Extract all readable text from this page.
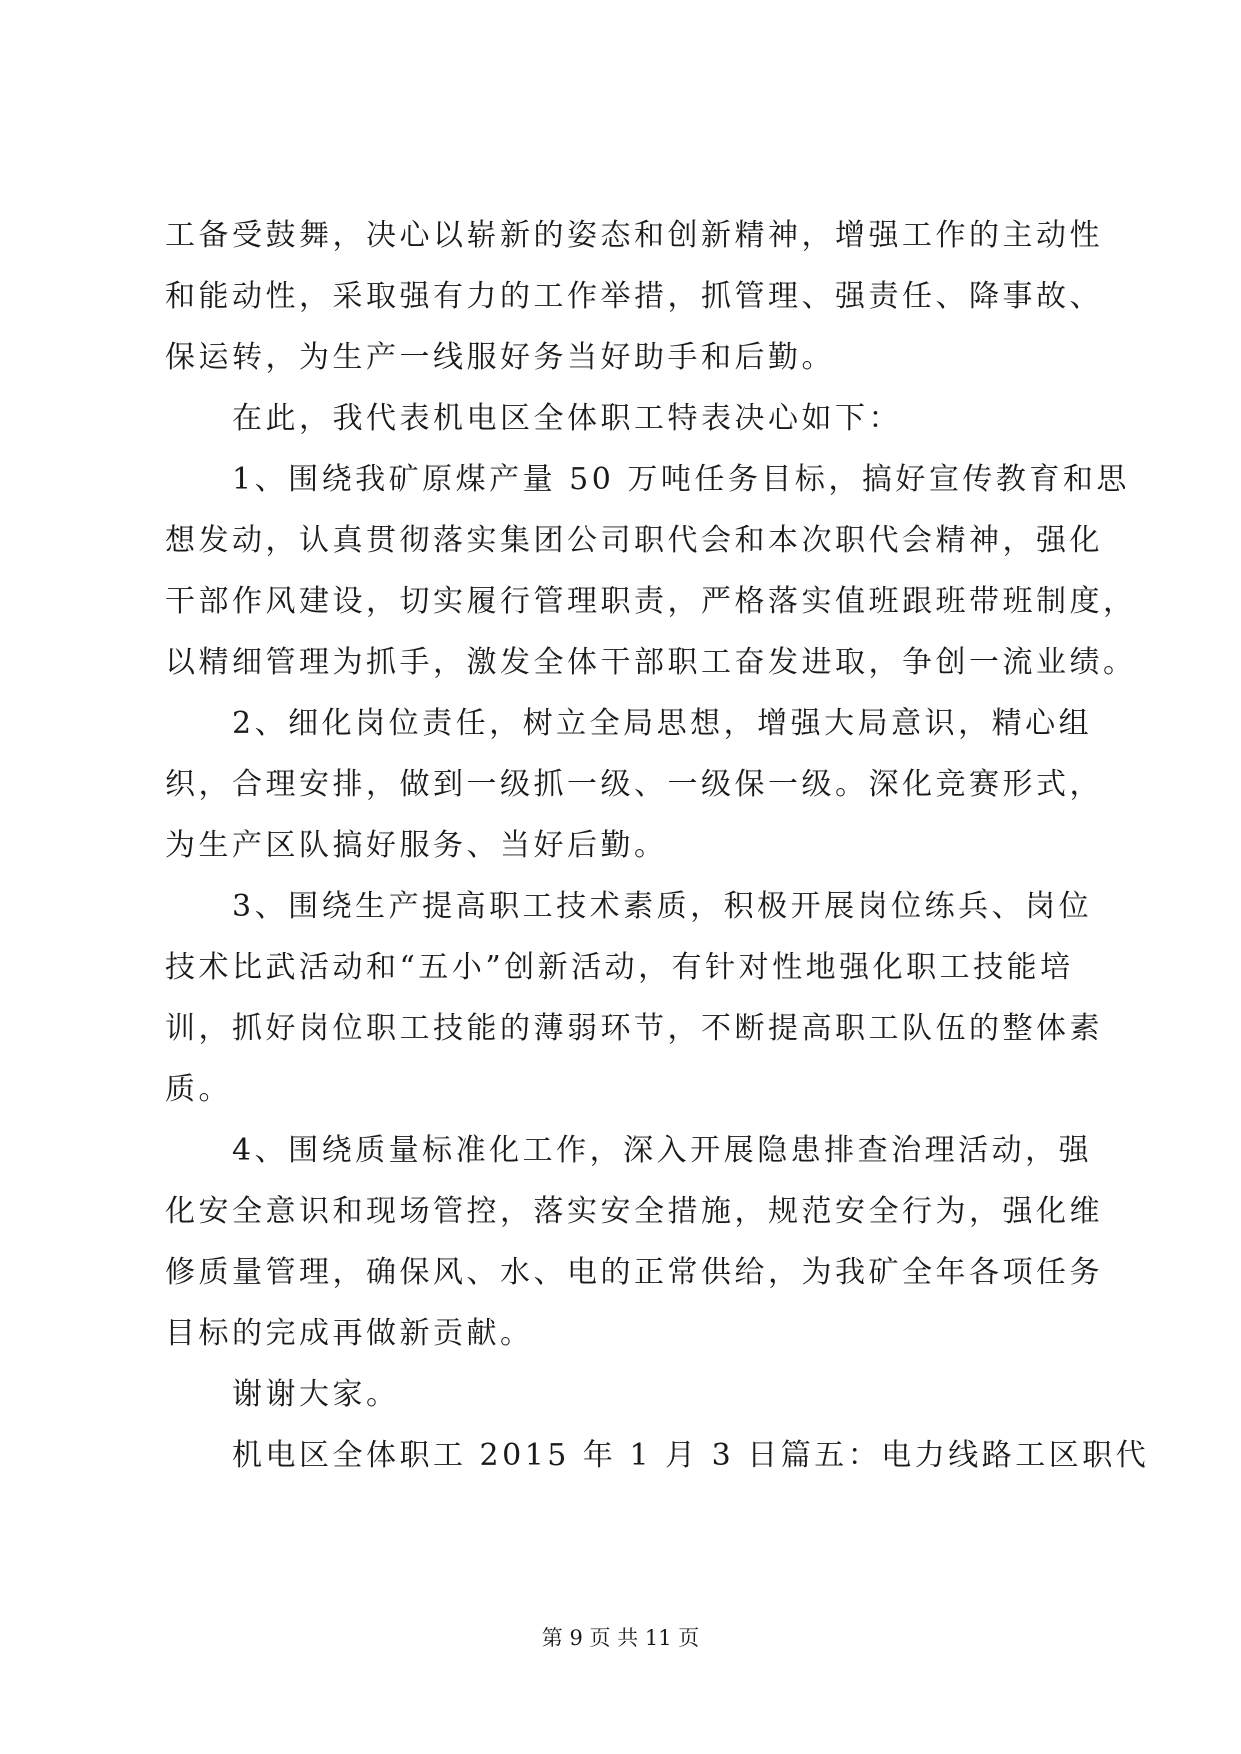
工备受鼓舞，决心以崭新的姿态和创新精神，增强工作的主动性
和能动性，采取强有力的工作举措，抓管理、强责任、降事故、
保运转，为生产一线服好务当好助手和后勤。
在此，我代表机电区全体职工特表决心如下：
1、围绕我矿原煤产量 50 万吨任务目标，搞好宣传教育和思
想发动，认真贯彻落实集团公司职代会和本次职代会精神，强化
干部作风建设，切实履行管理职责，严格落实值班跟班带班制度，
以精细管理为抓手，激发全体干部职工奋发进取，争创一流业绩。
2、细化岗位责任，树立全局思想，增强大局意识，精心组
织，合理安排，做到一级抓一级、一级保一级。深化竞赛形式，
为生产区队搞好服务、当好后勤。
3、围绕生产提高职工技术素质，积极开展岗位练兵、岗位
技术比武活动和“五小”创新活动，有针对性地强化职工技能培
训，抓好岗位职工技能的薄弱环节，不断提高职工队伍的整体素
质。
4、围绕质量标准化工作，深入开展隐患排查治理活动，强
化安全意识和现场管控，落实安全措施，规范安全行为，强化维
修质量管理，确保风、水、电的正常供给，为我矿全年各项任务
目标的完成再做新贡献。
谢谢大家。
机电区全体职工 2015 年 1 月 3 日篇五：电力线路工区职代
第 9 页 共 11 页
